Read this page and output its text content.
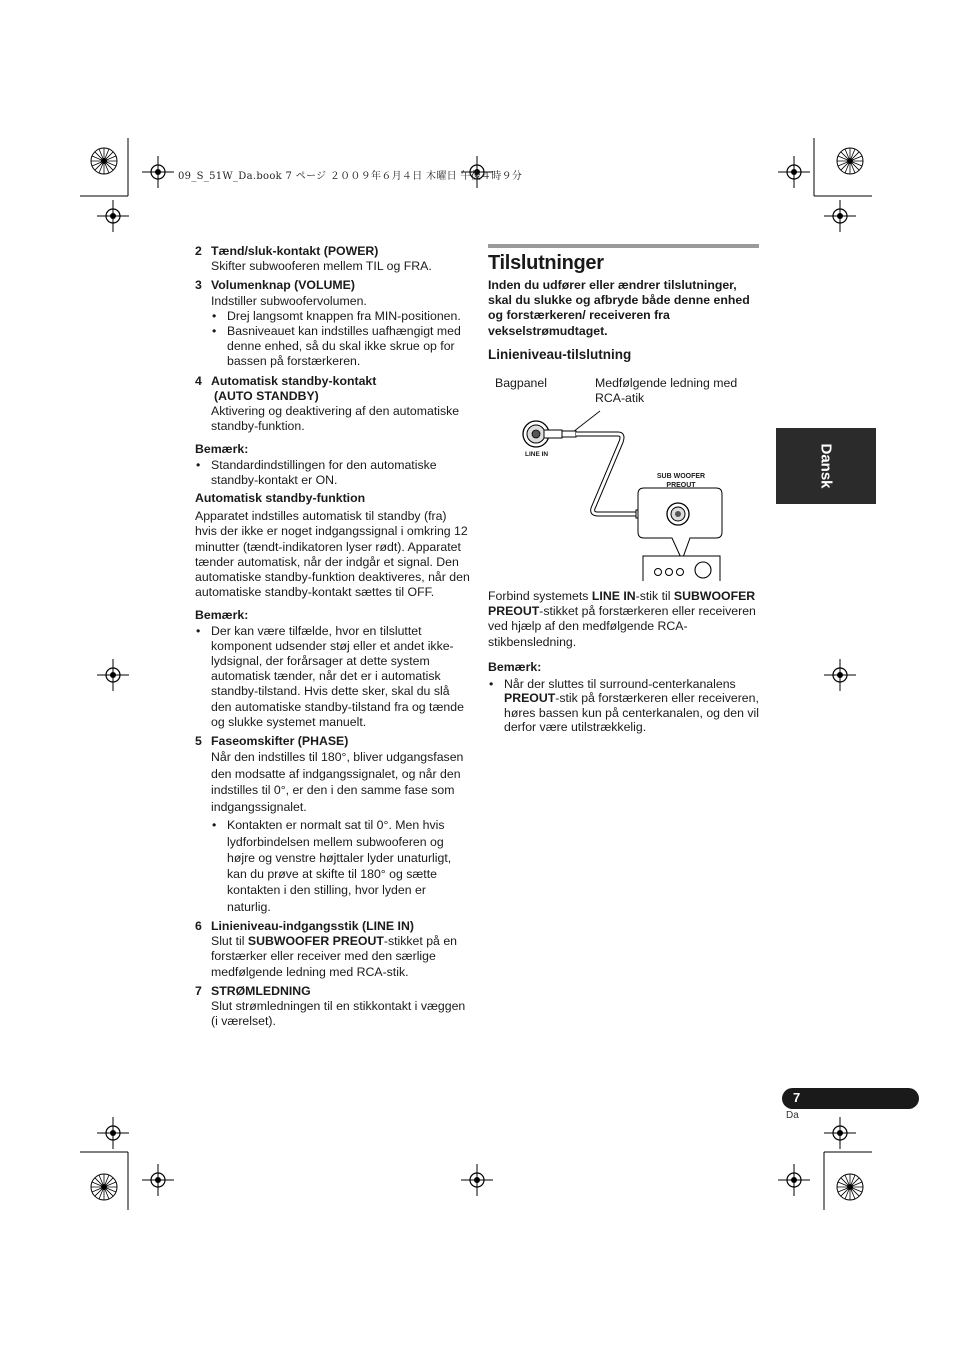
09_S_51W_Da.book 7 ページ ２００９年６月４日 木曜日 午後４時９分
2 Tænd/sluk-kontakt (POWER)
Skifter subwooferen mellem TIL og FRA.
3 Volumenknap (VOLUME)
Indstiller subwoofervolumen.
• Drej langsomt knappen fra MIN-positionen.
• Basniveauet kan indstilles uafhængigt med denne enhed, så du skal ikke skrue op for bassen på forstærkeren.
4 Automatisk standby-kontakt
(AUTO STANDBY)
Aktivering og deaktivering af den automatiske standby-funktion.
Bemærk:
• Standardindstillingen for den automatiske standby-kontakt er ON.
Automatisk standby-funktion
Apparatet indstilles automatisk til standby (fra) hvis der ikke er noget indgangssignal i omkring 12 minutter (tændt-indikatoren lyser rødt). Apparatet tænder automatisk, når der indgår et signal. Den automatiske standby-funktion deaktiveres, når den automatiske standby-kontakt sættes til OFF.
Bemærk:
• Der kan være tilfælde, hvor en tilsluttet komponent udsender støj eller et andet ikke-lydsignal, der forårsager at dette system automatisk tænder, når det er i automatisk standby-tilstand. Hvis dette sker, skal du slå den automatiske standby-tilstand fra og tænde og slukke systemet manuelt.
5 Faseomskifter (PHASE)
Når den indstilles til 180°, bliver udgangsfasen den modsatte af indgangssignalet, og når den indstilles til 0°, er den i den samme fase som indgangssignalet.
• Kontakten er normalt sat til 0°. Men hvis lydforbindelsen mellem subwooferen og højre og venstre højttaler lyder unaturligt, kan du prøve at skifte til 180° og sætte kontakten i den stilling, hvor lyden er naturlig.
6 Linieniveau-indgangsstik (LINE IN)
Slut til SUBWOOFER PREOUT-stikket på en forstærker eller receiver med den særlige medfølgende ledning med RCA-stik.
7 STRØMLEDNING
Slut strømledningen til en stikkontakt i væggen (i værelset).
Tilslutninger
Inden du udfører eller ændrer tilslutninger, skal du slukke og afbryde både denne enhed og forstærkeren/ receiveren fra vekselstrømudtaget.
Linieniveau-tilslutning
Bagpanel	Medfølgende ledning med RCA-atik
LINE IN
SUB WOOFER
PREOUT
Forbind systemets LINE IN-stik til SUBWOOFER PREOUT-stikket på forstærkeren eller receiveren ved hjælp af den medfølgende RCA-stikbensledning.
Bemærk:
• Når der sluttes til surround-centerkanalens PREOUT-stik på forstærkeren eller receiveren, høres bassen kun på centerkanalen, og den vil derfor være utilstrækkelig.
Dansk
7
Da
